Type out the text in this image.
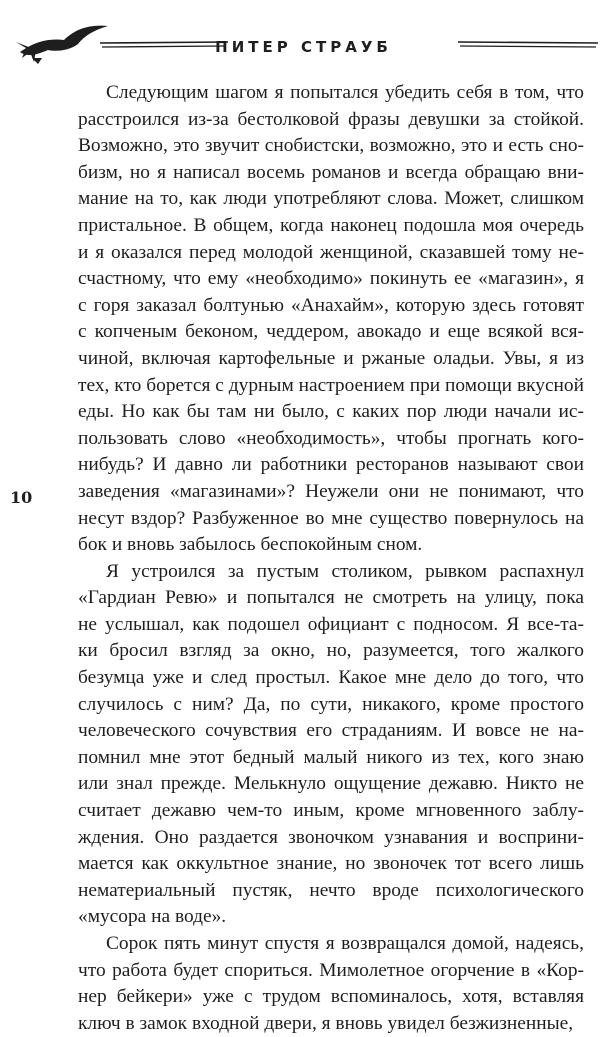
ПИТЕР СТРАУБ
10
Следующим шагом я попытался убедить себя в том, что
расстроился из-за бестолковой фразы девушки за стойкой.
Возможно, это звучит снобистски, возможно, это и есть сно-
бизм, но я написал восемь романов и всегда обращаю вни-
мание на то, как люди употребляют слова. Может, слишком
пристальное. В общем, когда наконец подошла моя очередь
и я оказался перед молодой женщиной, сказавшей тому не-
счастному, что ему «необходимо» покинуть ее «магазин», я
с горя заказал болтунью «Анахайм», которую здесь готовят
с копченым беконом, чеддером, авокадо и еще всякой вся-
чиной, включая картофельные и ржаные оладьи. Увы, я из
тех, кто борется с дурным настроением при помощи вкусной
еды. Но как бы там ни было, с каких пор люди начали ис-
пользовать слово «необходимость», чтобы прогнать кого-
нибудь? И давно ли работники ресторанов называют свои
заведения «магазинами»? Неужели они не понимают, что
несут вздор? Разбуженное во мне существо повернулось на
бок и вновь забылось беспокойным сном.
Я устроился за пустым столиком, рывком распахнул
«Гардиан Ревю» и попытался не смотреть на улицу, пока
не услышал, как подошел официант с подносом. Я все-та-
ки бросил взгляд за окно, но, разумеется, того жалкого
безумца уже и след простыл. Какое мне дело до того, что
случилось с ним? Да, по сути, никакого, кроме простого
человеческого сочувствия его страданиям. И вовсе не на-
помнил мне этот бедный малый никого из тех, кого знаю
или знал прежде. Мелькнуло ощущение дежавю. Никто не
считает дежавю чем-то иным, кроме мгновенного заблу-
ждения. Оно раздается звоночком узнавания и восприни-
мается как оккультное знание, но звоночек тот всего лишь
нематериальный пустяк, нечто вроде психологического
«мусора на воде».
Сорок пять минут спустя я возвращался домой, надеясь,
что работа будет спориться. Мимолетное огорчение в «Кор-
нер бейкери» уже с трудом вспоминалось, хотя, вставляя
ключ в замок входной двери, я вновь увидел безжизненные,
